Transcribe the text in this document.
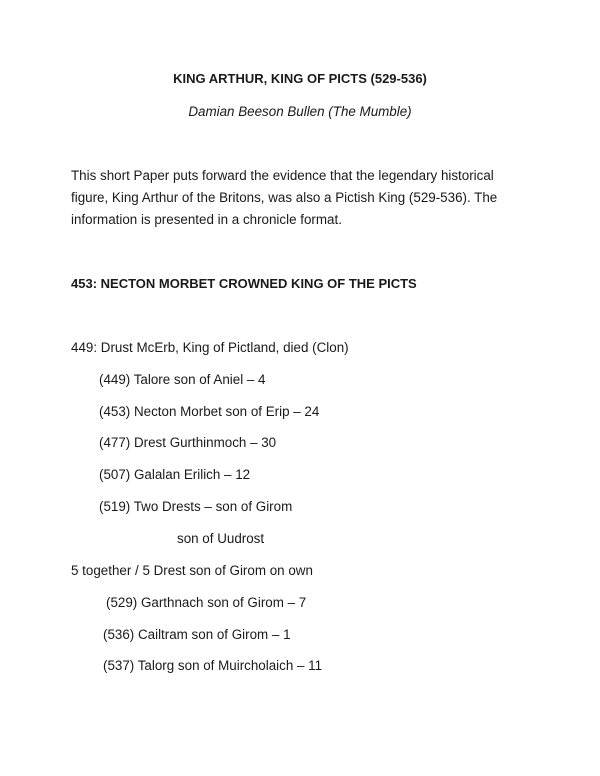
KING ARTHUR, KING OF PICTS (529-536)
Damian Beeson Bullen (The Mumble)
This short Paper puts forward the evidence that the legendary historical
figure, King Arthur of the Britons, was also a Pictish King (529-536). The
information is presented in a chronicle format.
453: NECTON MORBET CROWNED KING OF THE PICTS
449: Drust McErb, King of Pictland, died (Clon)
(449) Talore son of Aniel – 4
(453) Necton Morbet son of Erip – 24
(477) Drest Gurthinmoch – 30
(507) Galalan Erilich – 12
(519) Two Drests – son of Girom
son of Uudrost
5 together / 5 Drest son of Girom on own
(529) Garthnach son of Girom – 7
(536) Cailtram son of Girom – 1
(537) Talorg son of Muircholaich – 11
